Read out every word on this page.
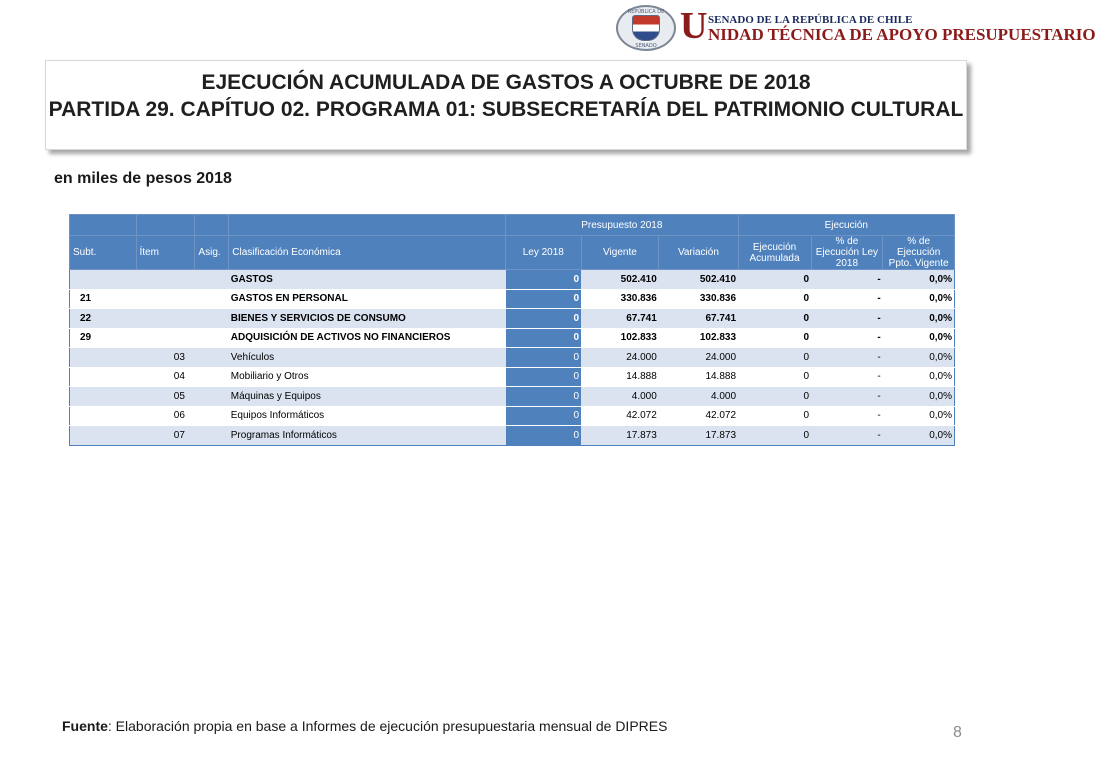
REPÚBLICA DE
SENADO U SENADO DE LA REPÚBLICA DE CHILE
NIDAD TÉCNICA DE APOYO PRESUPUESTARIO
EJECUCIÓN ACUMULADA DE GASTOS A OCTUBRE DE 2018
PARTIDA 29. CAPÍTUO 02. PROGRAMA 01: SUBSECRETARÍA DEL PATRIMONIO CULTURAL
en miles de pesos 2018
				Presupuesto 2018			Ejecución		
Subt.	Ítem	Asig.	Clasificación Económica	Ley 2018	Vigente	Variación	Ejecución Acumulada	% de Ejecución Ley 2018	% de Ejecución Ppto. Vigente
			GASTOS	0	502.410	502.410	0	-	0,0%
21			GASTOS EN PERSONAL	0	330.836	330.836	0	-	0,0%
22			BIENES Y SERVICIOS DE CONSUMO	0	67.741	67.741	0	-	0,0%
29			ADQUISICIÓN DE ACTIVOS NO FINANCIEROS	0	102.833	102.833	0	-	0,0%
	03		Vehículos	0	24.000	24.000	0	-	0,0%
	04		Mobiliario y Otros	0	14.888	14.888	0	-	0,0%
	05		Máquinas y Equipos	0	4.000	4.000	0	-	0,0%
	06		Equipos Informáticos	0	42.072	42.072	0	-	0,0%
	07		Programas Informáticos	0	17.873	17.873	0	-	0,0%
Fuente: Elaboración propia en base a Informes de ejecución presupuestaria mensual de DIPRES	8
